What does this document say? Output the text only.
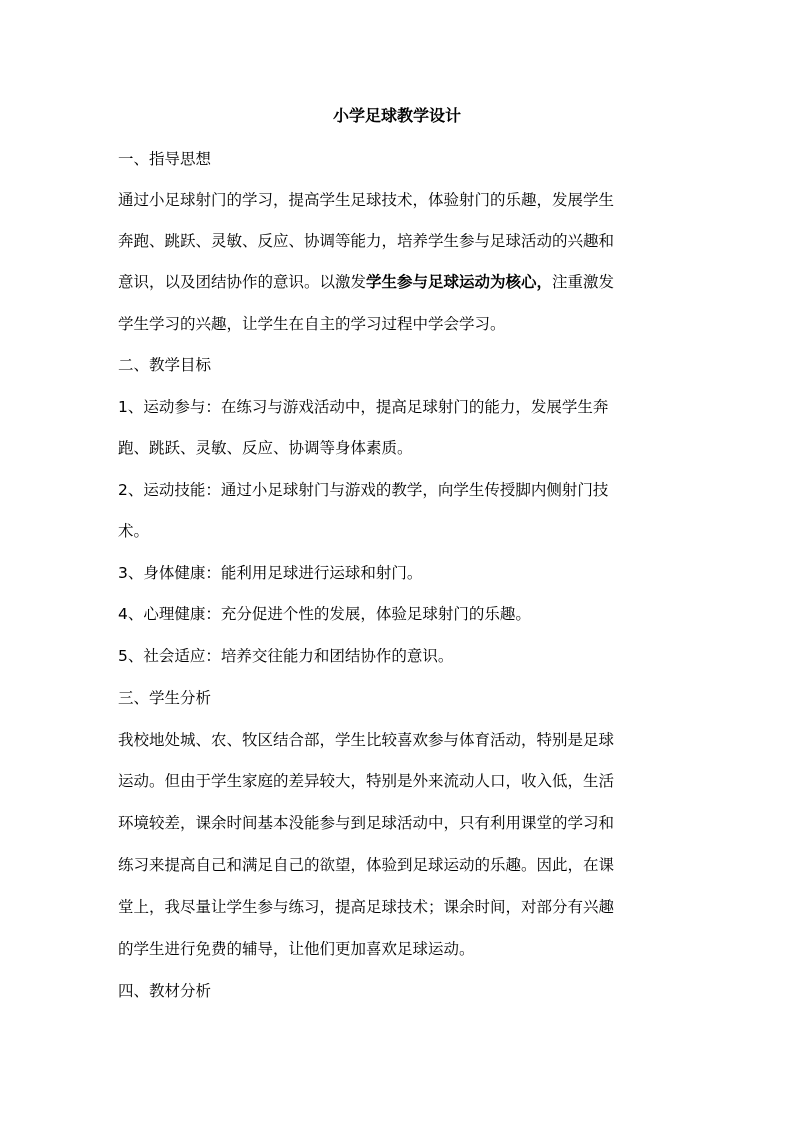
小学足球教学设计
一、指导思想
通过小足球射门的学习，提高学生足球技术，体验射门的乐趣，发展学生
奔跑、跳跃、灵敏、反应、协调等能力，培养学生参与足球活动的兴趣和
意识，以及团结协作的意识。以激发学生参与足球运动为核心，注重激发
学生学习的兴趣，让学生在自主的学习过程中学会学习。
二、教学目标
1、运动参与：在练习与游戏活动中，提高足球射门的能力，发展学生奔
跑、跳跃、灵敏、反应、协调等身体素质。
2、运动技能：通过小足球射门与游戏的教学，向学生传授脚内侧射门技
术。
3、身体健康：能利用足球进行运球和射门。
4、心理健康：充分促进个性的发展，体验足球射门的乐趣。
5、社会适应：培养交往能力和团结协作的意识。
三、学生分析
我校地处城、农、牧区结合部，学生比较喜欢参与体育活动，特别是足球
运动。但由于学生家庭的差异较大，特别是外来流动人口，收入低，生活
环境较差，课余时间基本没能参与到足球活动中，只有利用课堂的学习和
练习来提高自己和满足自己的欲望，体验到足球运动的乐趣。因此，在课
堂上，我尽量让学生参与练习，提高足球技术；课余时间，对部分有兴趣
的学生进行免费的辅导，让他们更加喜欢足球运动。
四、教材分析
